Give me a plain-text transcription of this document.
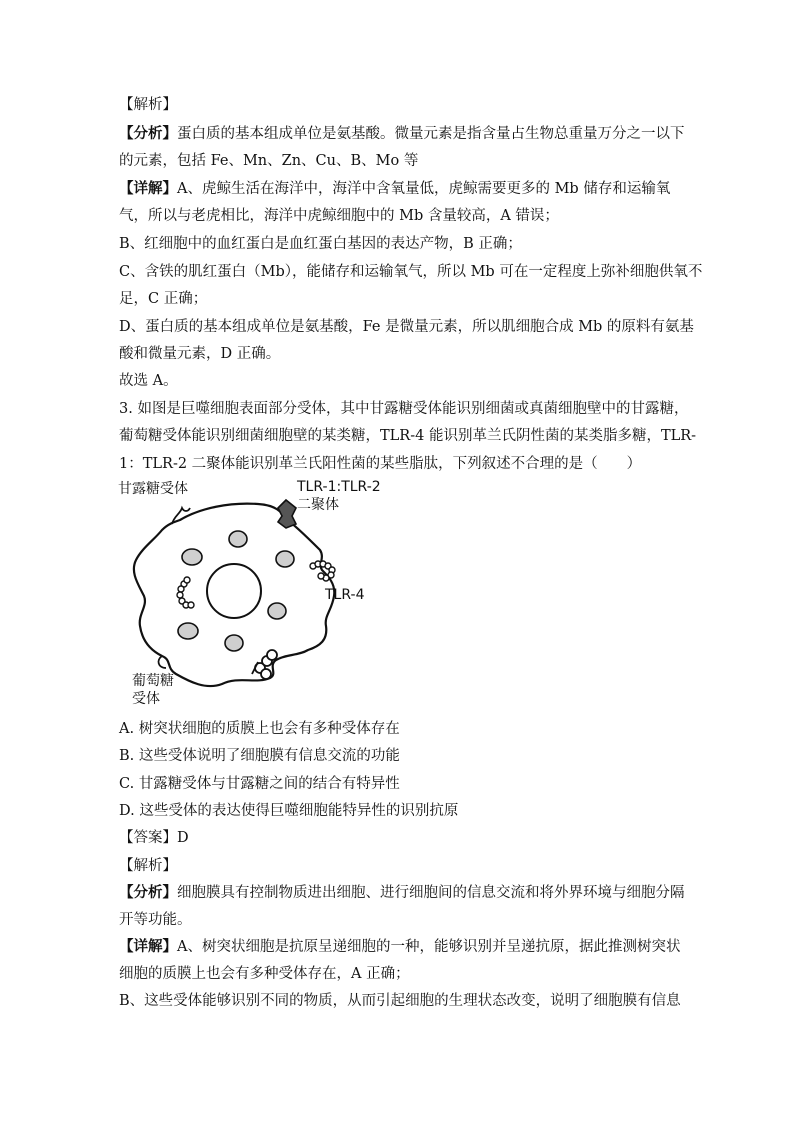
【解析】
【分析】蛋白质的基本组成单位是氨基酸。微量元素是指含量占生物总重量万分之一以下
的元素，包括 Fe、Mn、Zn、Cu、B、Mo 等
【详解】A、虎鲸生活在海洋中，海洋中含氧量低，虎鲸需要更多的 Mb 储存和运输氧
气，所以与老虎相比，海洋中虎鲸细胞中的 Mb 含量较高，A 错误；
B、红细胞中的血红蛋白是血红蛋白基因的表达产物，B 正确；
C、含铁的肌红蛋白（Mb），能储存和运输氧气，所以 Mb 可在一定程度上弥补细胞供氧不
足，C 正确；
D、蛋白质的基本组成单位是氨基酸，Fe 是微量元素，所以肌细胞合成 Mb 的原料有氨基
酸和微量元素，D 正确。
故选 A。
3. 如图是巨噬细胞表面部分受体，其中甘露糖受体能识别细菌或真菌细胞壁中的甘露糖，
葡萄糖受体能识别细菌细胞壁的某类糖，TLR-4 能识别革兰氏阴性菌的某类脂多糖，TLR-
1：TLR-2 二聚体能识别革兰氏阳性菌的某些脂肽，下列叙述不合理的是（　　）
甘露糖受体	TLR-1:TLR-2
二聚体
TLR-4
葡萄糖
受体
A. 树突状细胞的质膜上也会有多种受体存在
B. 这些受体说明了细胞膜有信息交流的功能
C. 甘露糖受体与甘露糖之间的结合有特异性
D. 这些受体的表达使得巨噬细胞能特异性的识别抗原
【答案】D
【解析】
【分析】细胞膜具有控制物质进出细胞、进行细胞间的信息交流和将外界环境与细胞分隔
开等功能。
【详解】A、树突状细胞是抗原呈递细胞的一种，能够识别并呈递抗原，据此推测树突状
细胞的质膜上也会有多种受体存在，A 正确；
B、这些受体能够识别不同的物质，从而引起细胞的生理状态改变，说明了细胞膜有信息
